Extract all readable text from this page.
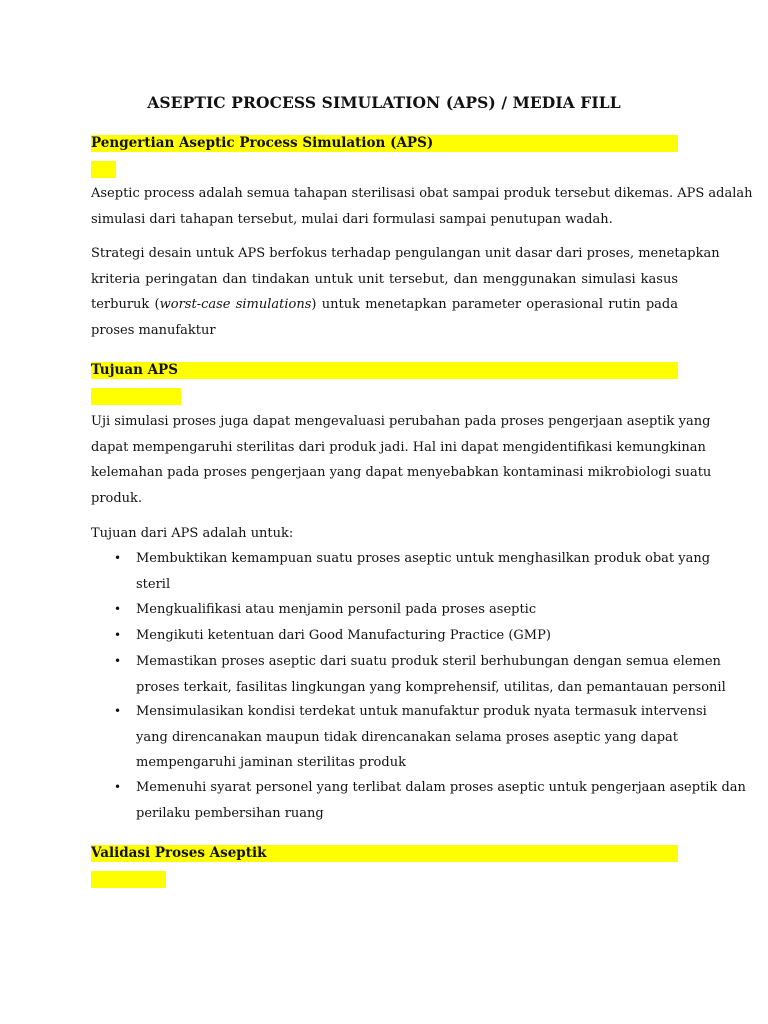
ASEPTIC PROCESS SIMULATION (APS) / MEDIA FILL
Pengertian Aseptic Process Simulation (APS)
Aseptic process adalah semua tahapan sterilisasi obat sampai produk tersebut dikemas. APS adalah
simulasi dari tahapan tersebut, mulai dari formulasi sampai penutupan wadah.
Strategi desain untuk APS berfokus terhadap pengulangan unit dasar dari proses, menetapkan
kriteria peringatan dan tindakan untuk unit tersebut, dan menggunakan simulasi kasus
terburuk (worst-case simulations) untuk menetapkan parameter operasional rutin pada
proses manufaktur
Tujuan APS
Uji simulasi proses juga dapat mengevaluasi perubahan pada proses pengerjaan aseptik yang
dapat mempengaruhi sterilitas dari produk jadi. Hal ini dapat mengidentifikasi kemungkinan
kelemahan pada proses pengerjaan yang dapat menyebabkan kontaminasi mikrobiologi suatu
produk.
Tujuan dari APS adalah untuk:
• Membuktikan kemampuan suatu proses aseptic untuk menghasilkan produk obat yang
steril
• Mengkualifikasi atau menjamin personil pada proses aseptic
• Mengikuti ketentuan dari Good Manufacturing Practice (GMP)
• Memastikan proses aseptic dari suatu produk steril berhubungan dengan semua elemen
proses terkait, fasilitas lingkungan yang komprehensif, utilitas, dan pemantauan personil
• Mensimulasikan kondisi terdekat untuk manufaktur produk nyata termasuk intervensi
yang direncanakan maupun tidak direncanakan selama proses aseptic yang dapat
mempengaruhi jaminan sterilitas produk
• Memenuhi syarat personel yang terlibat dalam proses aseptic untuk pengerjaan aseptik dan
perilaku pembersihan ruang
Validasi Proses Aseptik
